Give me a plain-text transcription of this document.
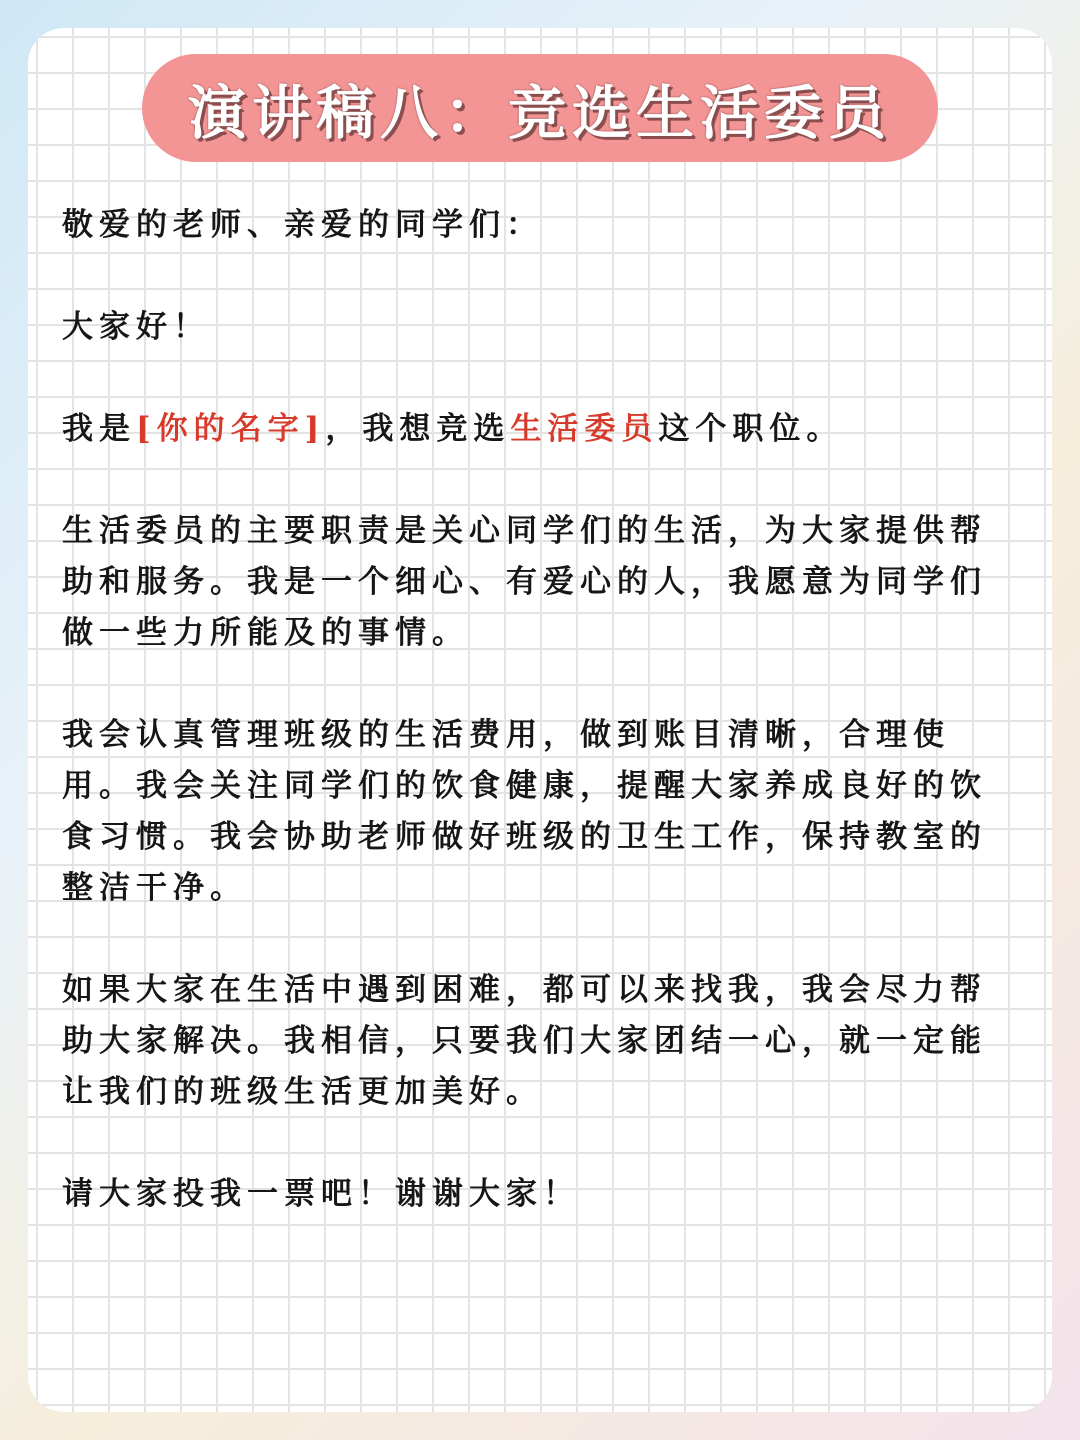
演讲稿八：竞选生活委员

敬爱的老师、亲爱的同学们：

大家好！

我是[你的名字]，我想竞选生活委员这个职位。

生活委员的主要职责是关心同学们的生活，为大家提供帮助和服务。我是一个细心、有爱心的人，我愿意为同学们做一些力所能及的事情。

我会认真管理班级的生活费用，做到账目清晰，合理使用。我会关注同学们的饮食健康，提醒大家养成良好的饮食习惯。我会协助老师做好班级的卫生工作，保持教室的整洁干净。

如果大家在生活中遇到困难，都可以来找我，我会尽力帮助大家解决。我相信，只要我们大家团结一心，就一定能让我们的班级生活更加美好。

请大家投我一票吧！谢谢大家！
